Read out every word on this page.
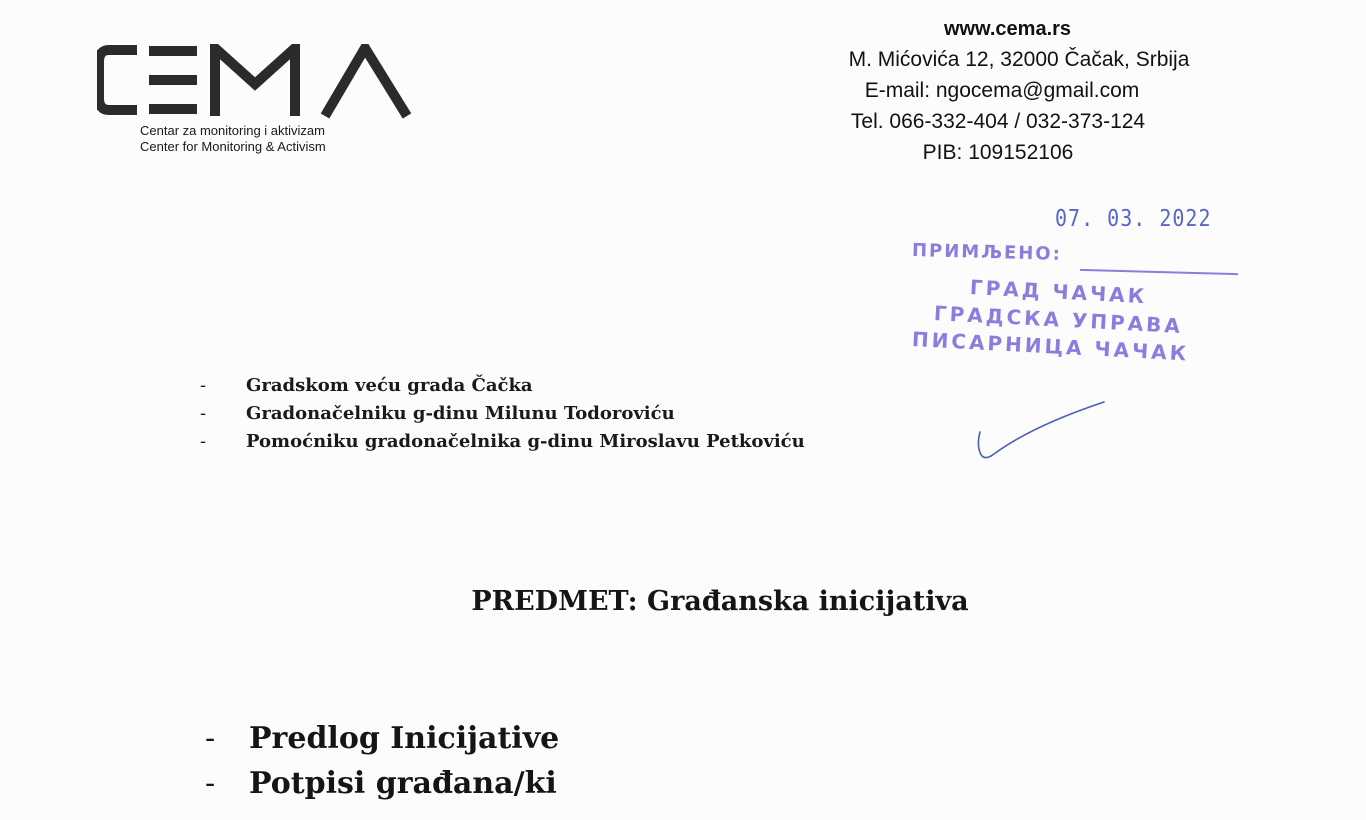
Centar za monitoring i aktivizam
Center for Monitoring & Activism
www.cema.rs
M. Mićovića 12, 32000 Čačak, Srbija
E-mail: ngocema@gmail.com
Tel. 066-332-404 / 032-373-124
PIB: 109152106
07. 03. 2022
ПРИМЉЕНО:
ГРАД ЧАЧАК
ГРАДСКА УПРАВА
ПИСАРНИЦА ЧАЧАК
- Gradskom veću grada Čačka
- Gradonačelniku g-dinu Milunu Todoroviću
- Pomoćniku gradonačelnika g-dinu Miroslavu Petkoviću
PREDMET: Građanska inicijativa
- Predlog Inicijative
- Potpisi građana/ki
